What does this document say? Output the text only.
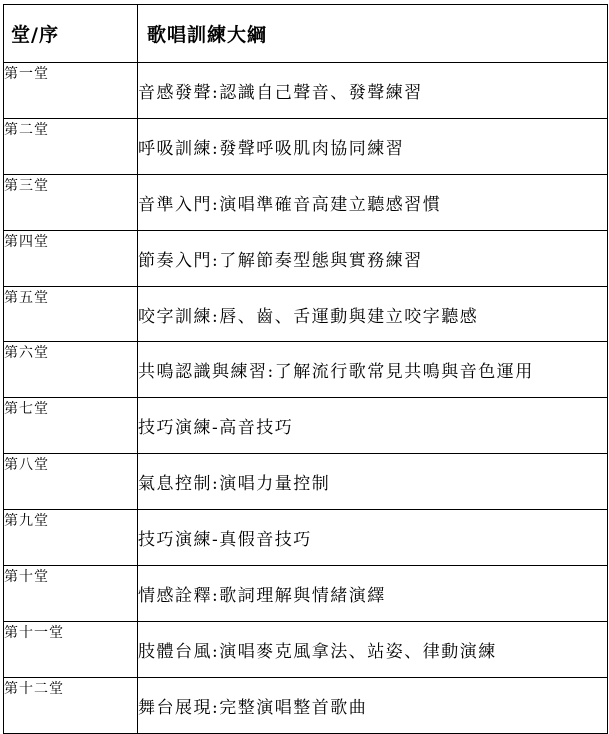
堂/序	歌唱訓練大綱
第一堂	音感發聲:認識自己聲音、發聲練習
第二堂	呼吸訓練:發聲呼吸肌肉協同練習
第三堂	音準入門:演唱準確音高建立聽感習慣
第四堂	節奏入門:了解節奏型態與實務練習
第五堂	咬字訓練:唇、齒、舌運動與建立咬字聽感
第六堂	共鳴認識與練習:了解流行歌常見共鳴與音色運用
第七堂	技巧演練-高音技巧
第八堂	氣息控制:演唱力量控制
第九堂	技巧演練-真假音技巧
第十堂	情感詮釋:歌詞理解與情緒演繹
第十一堂	肢體台風:演唱麥克風拿法、站姿、律動演練
第十二堂	舞台展現:完整演唱整首歌曲
